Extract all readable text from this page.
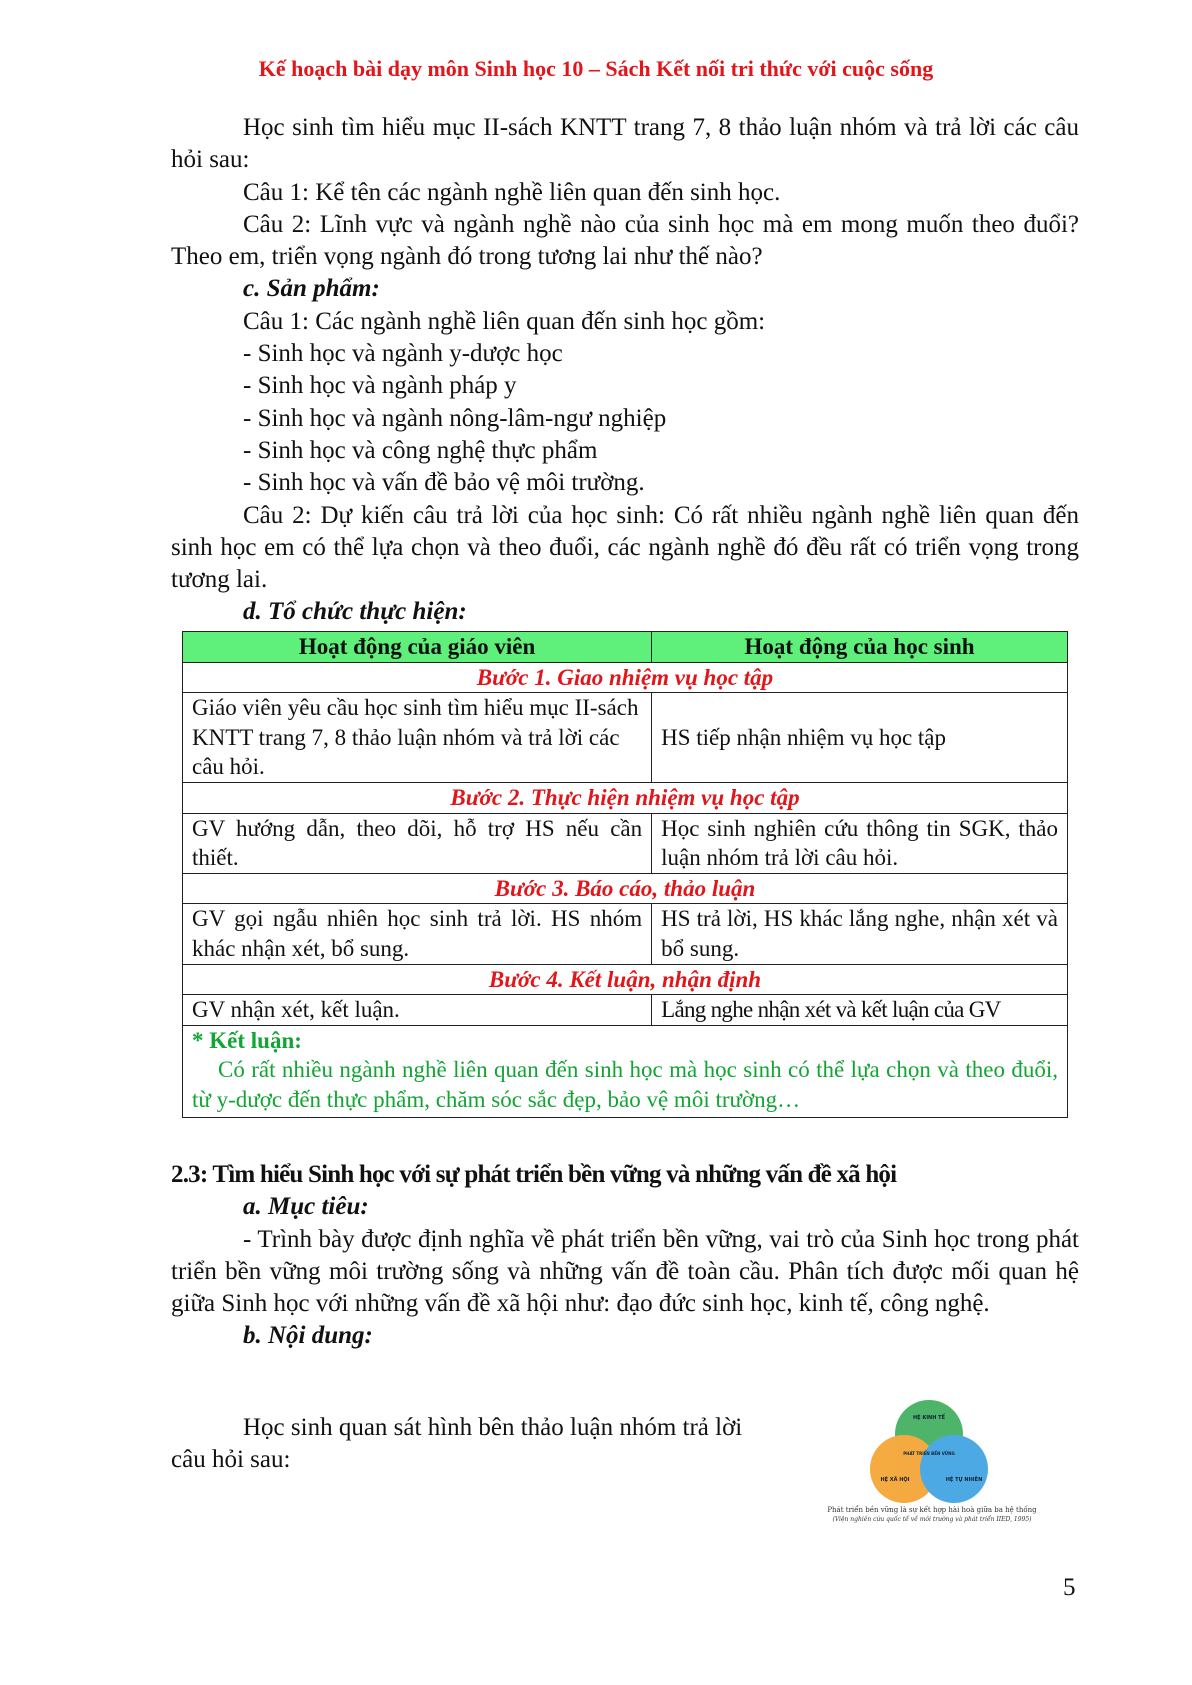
Kế hoạch bài dạy môn Sinh học 10 – Sách Kết nối tri thức với cuộc sống

Học sinh tìm hiểu mục II-sách KNTT trang 7, 8 thảo luận nhóm và trả lời các câu hỏi sau:

Câu 1: Kể tên các ngành nghề liên quan đến sinh học.

Câu 2: Lĩnh vực và ngành nghề nào của sinh học mà em mong muốn theo đuổi? Theo em, triển vọng ngành đó trong tương lai như thế nào?

c. Sản phẩm:

Câu 1: Các ngành nghề liên quan đến sinh học gồm:

- Sinh học và ngành y-dược học

- Sinh học và ngành pháp y

- Sinh học và ngành nông-lâm-ngư nghiệp

- Sinh học và công nghệ thực phẩm

- Sinh học và vấn đề bảo vệ môi trường.

Câu 2: Dự kiến câu trả lời của học sinh: Có rất nhiều ngành nghề liên quan đến sinh học em có thể lựa chọn và theo đuổi, các ngành nghề đó đều rất có triển vọng trong tương lai.

d. Tổ chức thực hiện:

Hoạt động của giáo viên	Hoạt động của học sinh
Bước 1. Giao nhiệm vụ học tập	
Giáo viên yêu cầu học sinh tìm hiểu mục II-sách KNTT trang 7, 8 thảo luận nhóm và trả lời các câu hỏi.	HS tiếp nhận nhiệm vụ học tập
Bước 2. Thực hiện nhiệm vụ học tập	
GV hướng dẫn, theo dõi, hỗ trợ HS nếu cần thiết.	Học sinh nghiên cứu thông tin SGK, thảo luận nhóm trả lời câu hỏi.
Bước 3. Báo cáo, thảo luận	
GV gọi ngẫu nhiên học sinh trả lời. HS nhóm khác nhận xét, bổ sung.	HS trả lời, HS khác lắng nghe, nhận xét và bổ sung.
Bước 4. Kết luận, nhận định	
GV nhận xét, kết luận.	Lắng nghe nhận xét và kết luận của GV

* Kết luận:
Có rất nhiều ngành nghề liên quan đến sinh học mà học sinh có thể lựa chọn và theo đuổi, từ y-dược đến thực phẩm, chăm sóc sắc đẹp, bảo vệ môi trường…	

2.3: Tìm hiểu Sinh học với sự phát triển bền vững và những vấn đề xã hội

a. Mục tiêu:

- Trình bày được định nghĩa về phát triển bền vững, vai trò của Sinh học trong phát triển bền vững môi trường sống và những vấn đề toàn cầu. Phân tích được mối quan hệ giữa Sinh học với những vấn đề xã hội như: đạo đức sinh học, kinh tế, công nghệ.

b. Nội dung:

Học sinh quan sát hình bên thảo luận nhóm trả lời câu hỏi sau:

HỆ KINH TẾ
PHÁT TRIỂN BỀN VỮNG
HỆ XÃ HỘI	HỆ TỰ NHIÊN
Phát triển bền vững là sự kết hợp hài hoà giữa ba hệ thống
(Viện nghiên cứu quốc tế về môi trường và phát triển IIED, 1995)
5
